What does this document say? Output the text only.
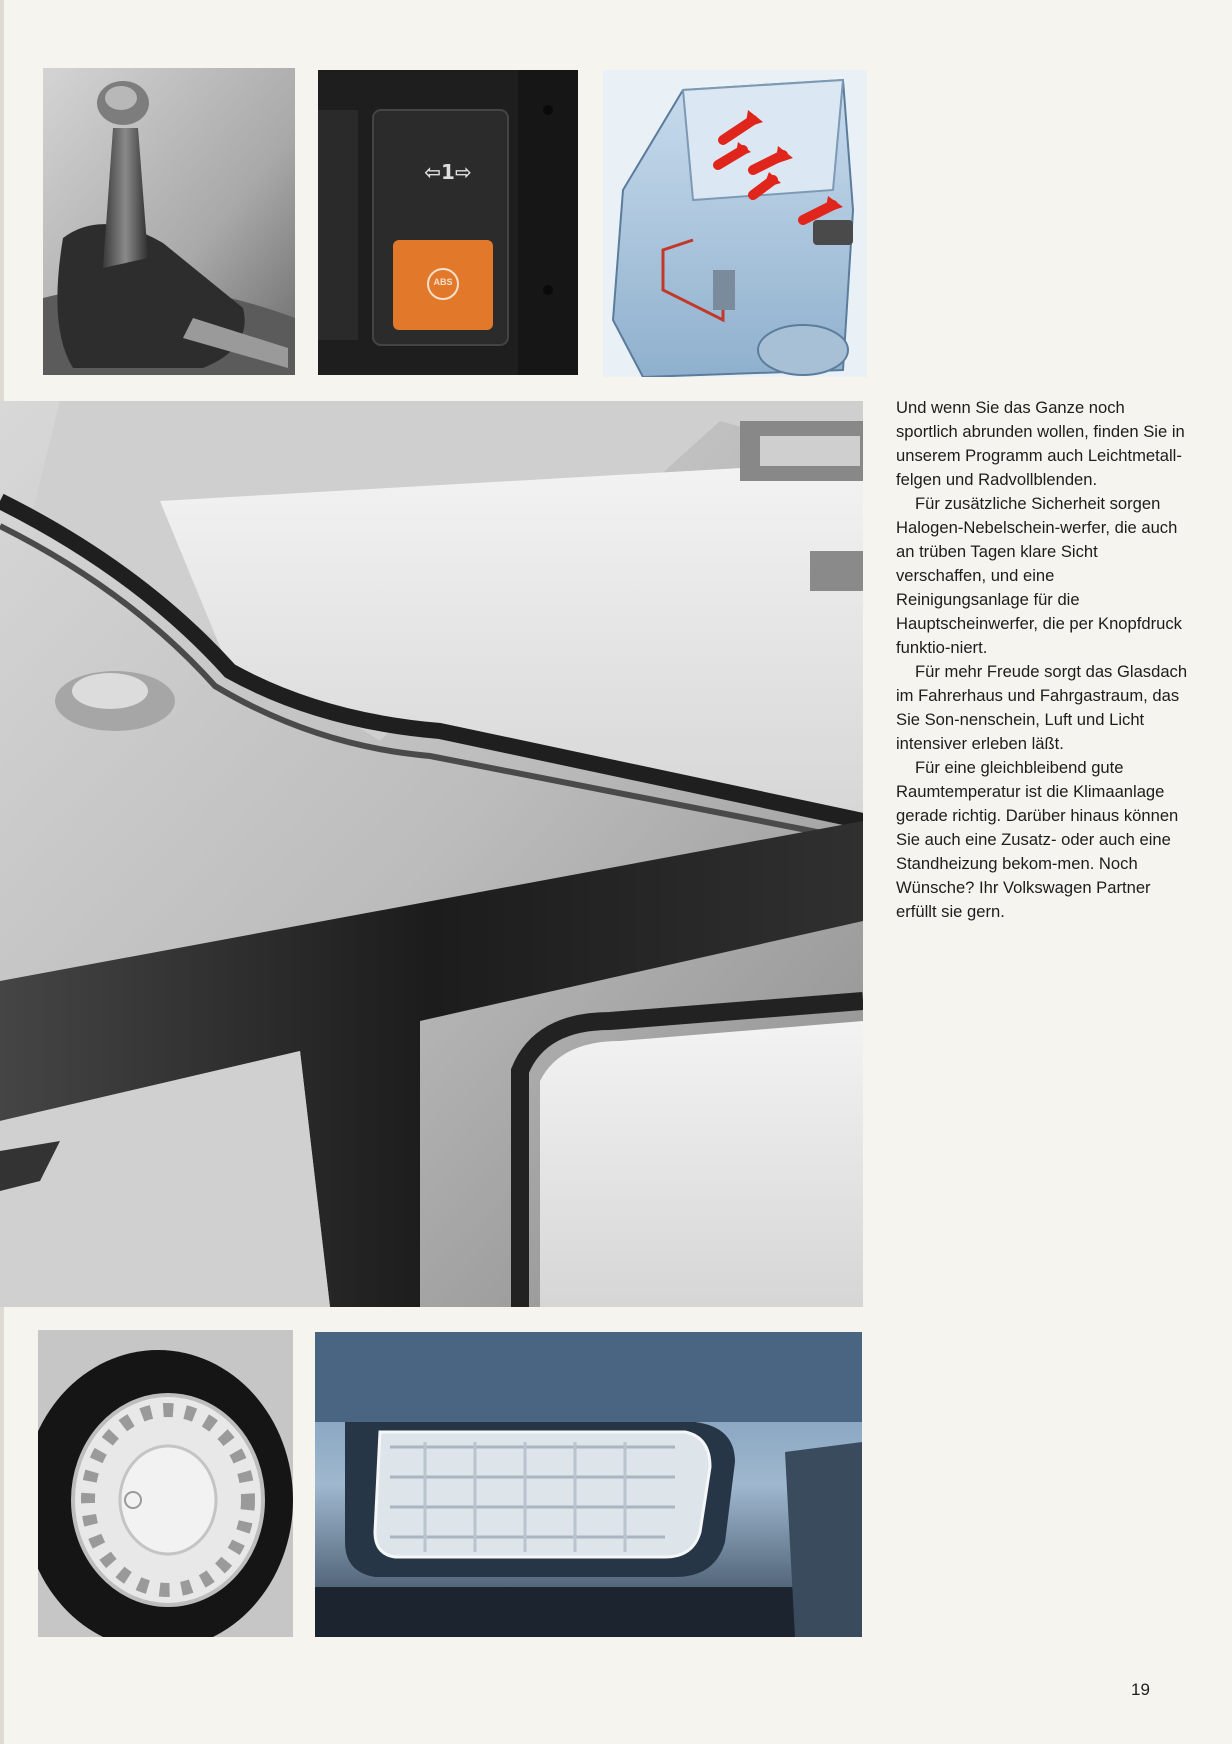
⇦1⇨
ABS

Und wenn Sie das Ganze noch sportlich abrunden wollen, finden Sie in unserem Programm auch Leichtmetall-felgen und Radvollblenden.

Für zusätzliche Sicherheit sorgen Halogen-Nebelschein-werfer, die auch an trüben Tagen klare Sicht verschaffen, und eine Reinigungsanlage für die Hauptscheinwerfer, die per Knopfdruck funktio-niert.

Für mehr Freude sorgt das Glasdach im Fahrerhaus und Fahrgastraum, das Sie Son-nenschein, Luft und Licht intensiver erleben läßt.

Für eine gleichbleibend gute Raumtemperatur ist die Klimaanlage gerade richtig. Darüber hinaus können Sie auch eine Zusatz- oder auch eine Standheizung bekom-men. Noch Wünsche? Ihr Volkswagen Partner erfüllt sie gern.

19
